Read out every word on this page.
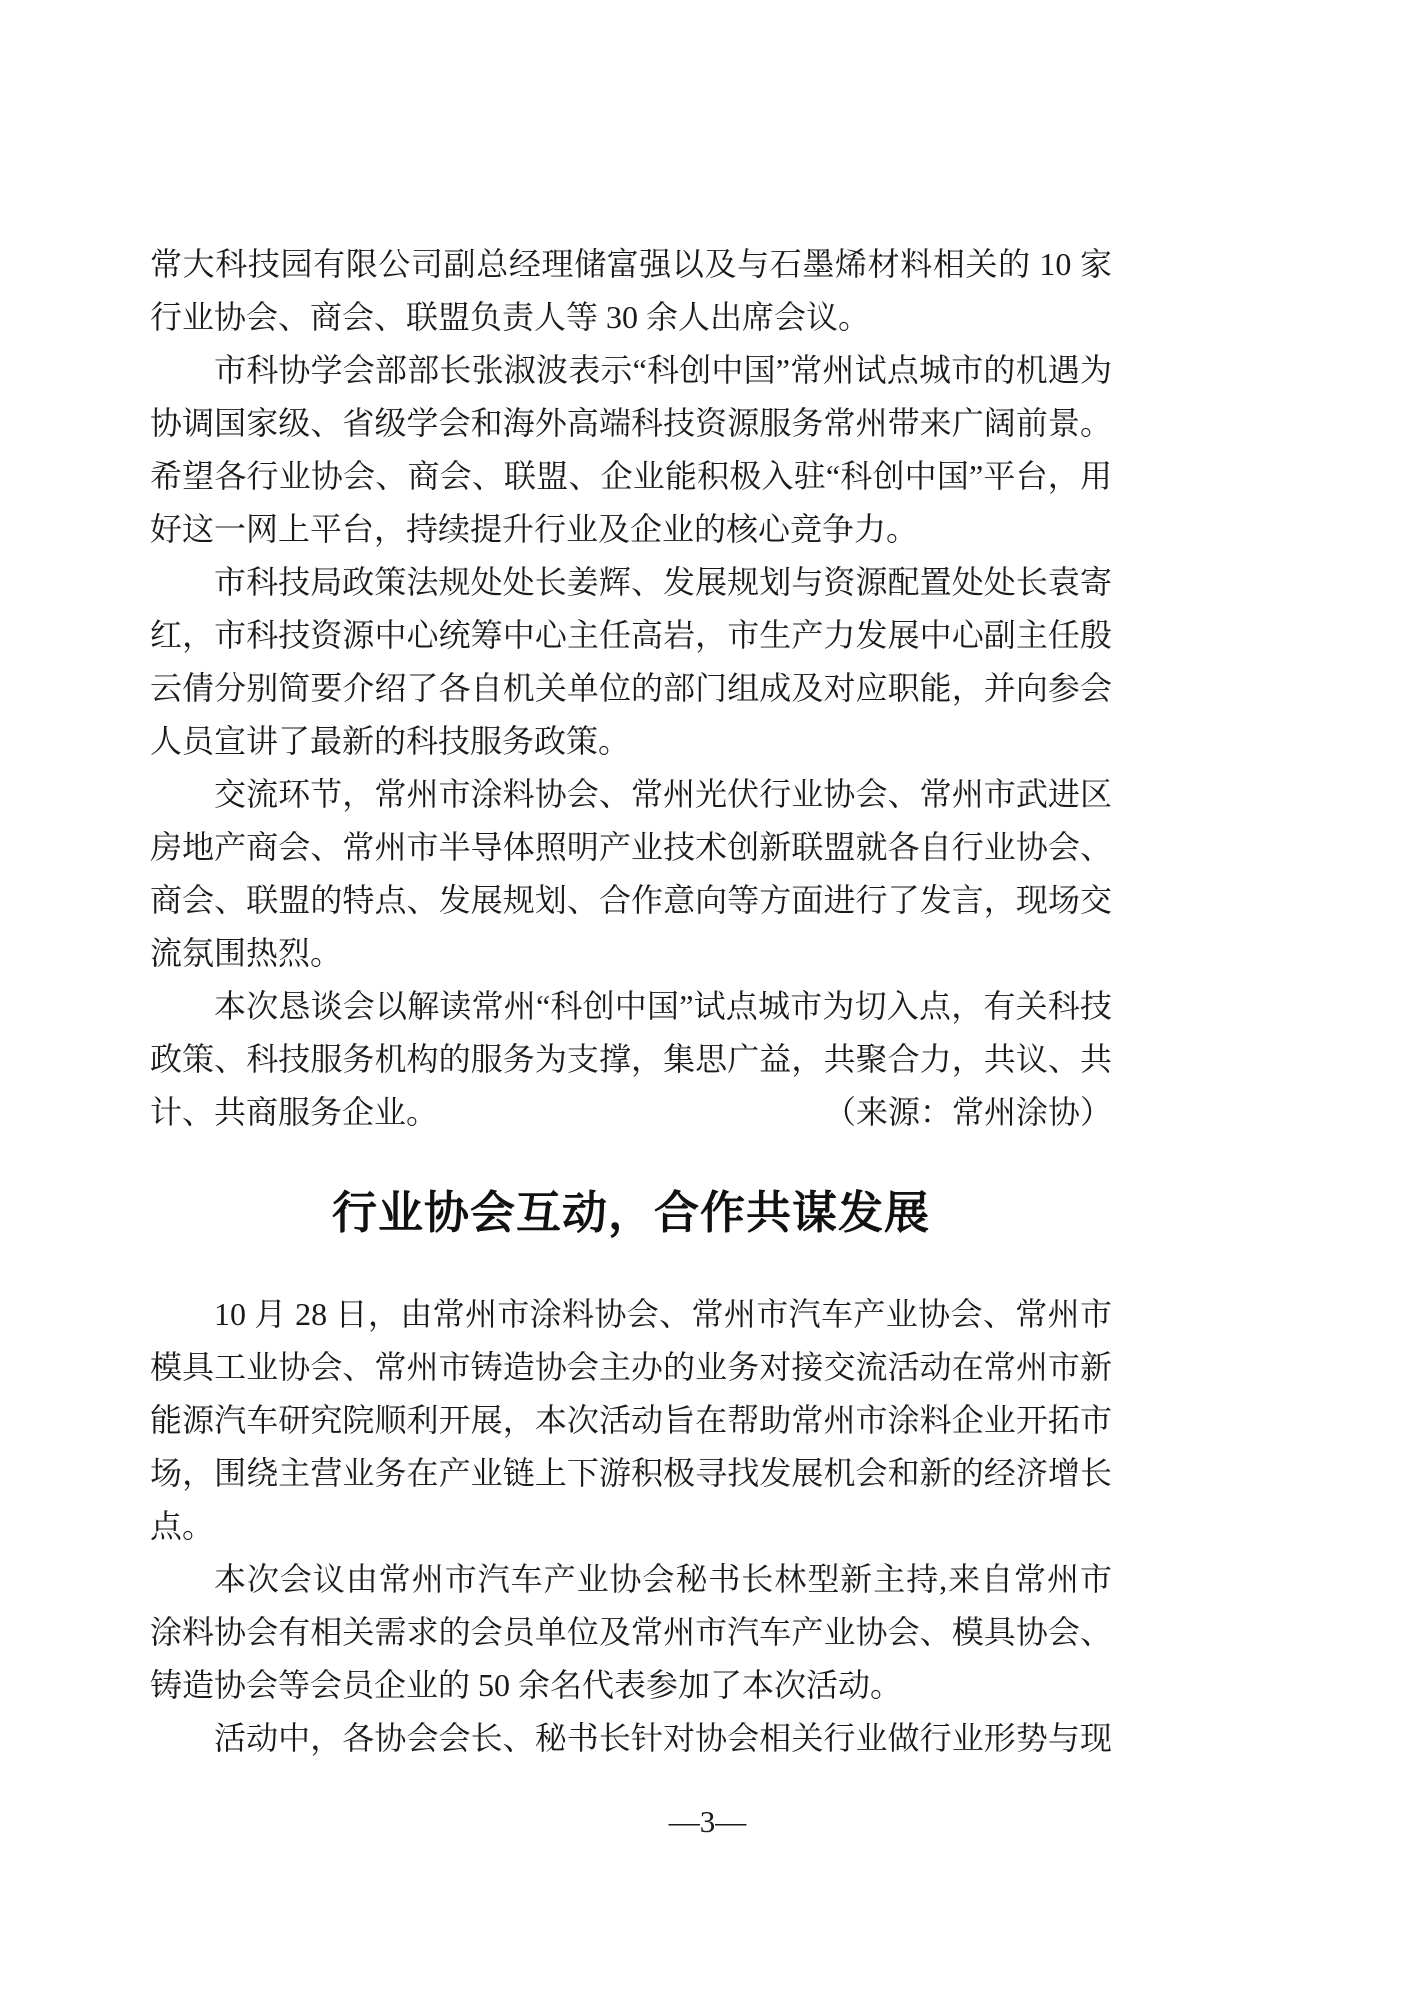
常大科技园有限公司副总经理储富强以及与石墨烯材料相关的 10 家
行业协会、商会、联盟负责人等 30 余人出席会议。
市科协学会部部长张淑波表示“科创中国”常州试点城市的机遇为
协调国家级、省级学会和海外高端科技资源服务常州带来广阔前景。
希望各行业协会、商会、联盟、企业能积极入驻“科创中国”平台，用
好这一网上平台，持续提升行业及企业的核心竞争力。
市科技局政策法规处处长姜辉、发展规划与资源配置处处长袁寄
红，市科技资源中心统筹中心主任高岩，市生产力发展中心副主任殷
云倩分别简要介绍了各自机关单位的部门组成及对应职能，并向参会
人员宣讲了最新的科技服务政策。
交流环节，常州市涂料协会、常州光伏行业协会、常州市武进区
房地产商会、常州市半导体照明产业技术创新联盟就各自行业协会、
商会、联盟的特点、发展规划、合作意向等方面进行了发言，现场交
流氛围热烈。
本次恳谈会以解读常州“科创中国”试点城市为切入点，有关科技
政策、科技服务机构的服务为支撑，集思广益，共聚合力，共议、共
计、共商服务企业。	（来源：常州涂协）
行业协会互动，合作共谋发展
10 月 28 日，由常州市涂料协会、常州市汽车产业协会、常州市
模具工业协会、常州市铸造协会主办的业务对接交流活动在常州市新
能源汽车研究院顺利开展，本次活动旨在帮助常州市涂料企业开拓市
场，围绕主营业务在产业链上下游积极寻找发展机会和新的经济增长
点。
本次会议由常州市汽车产业协会秘书长林型新主持,来自常州市
涂料协会有相关需求的会员单位及常州市汽车产业协会、模具协会、
铸造协会等会员企业的 50 余名代表参加了本次活动。
活动中，各协会会长、秘书长针对协会相关行业做行业形势与现
—3—
